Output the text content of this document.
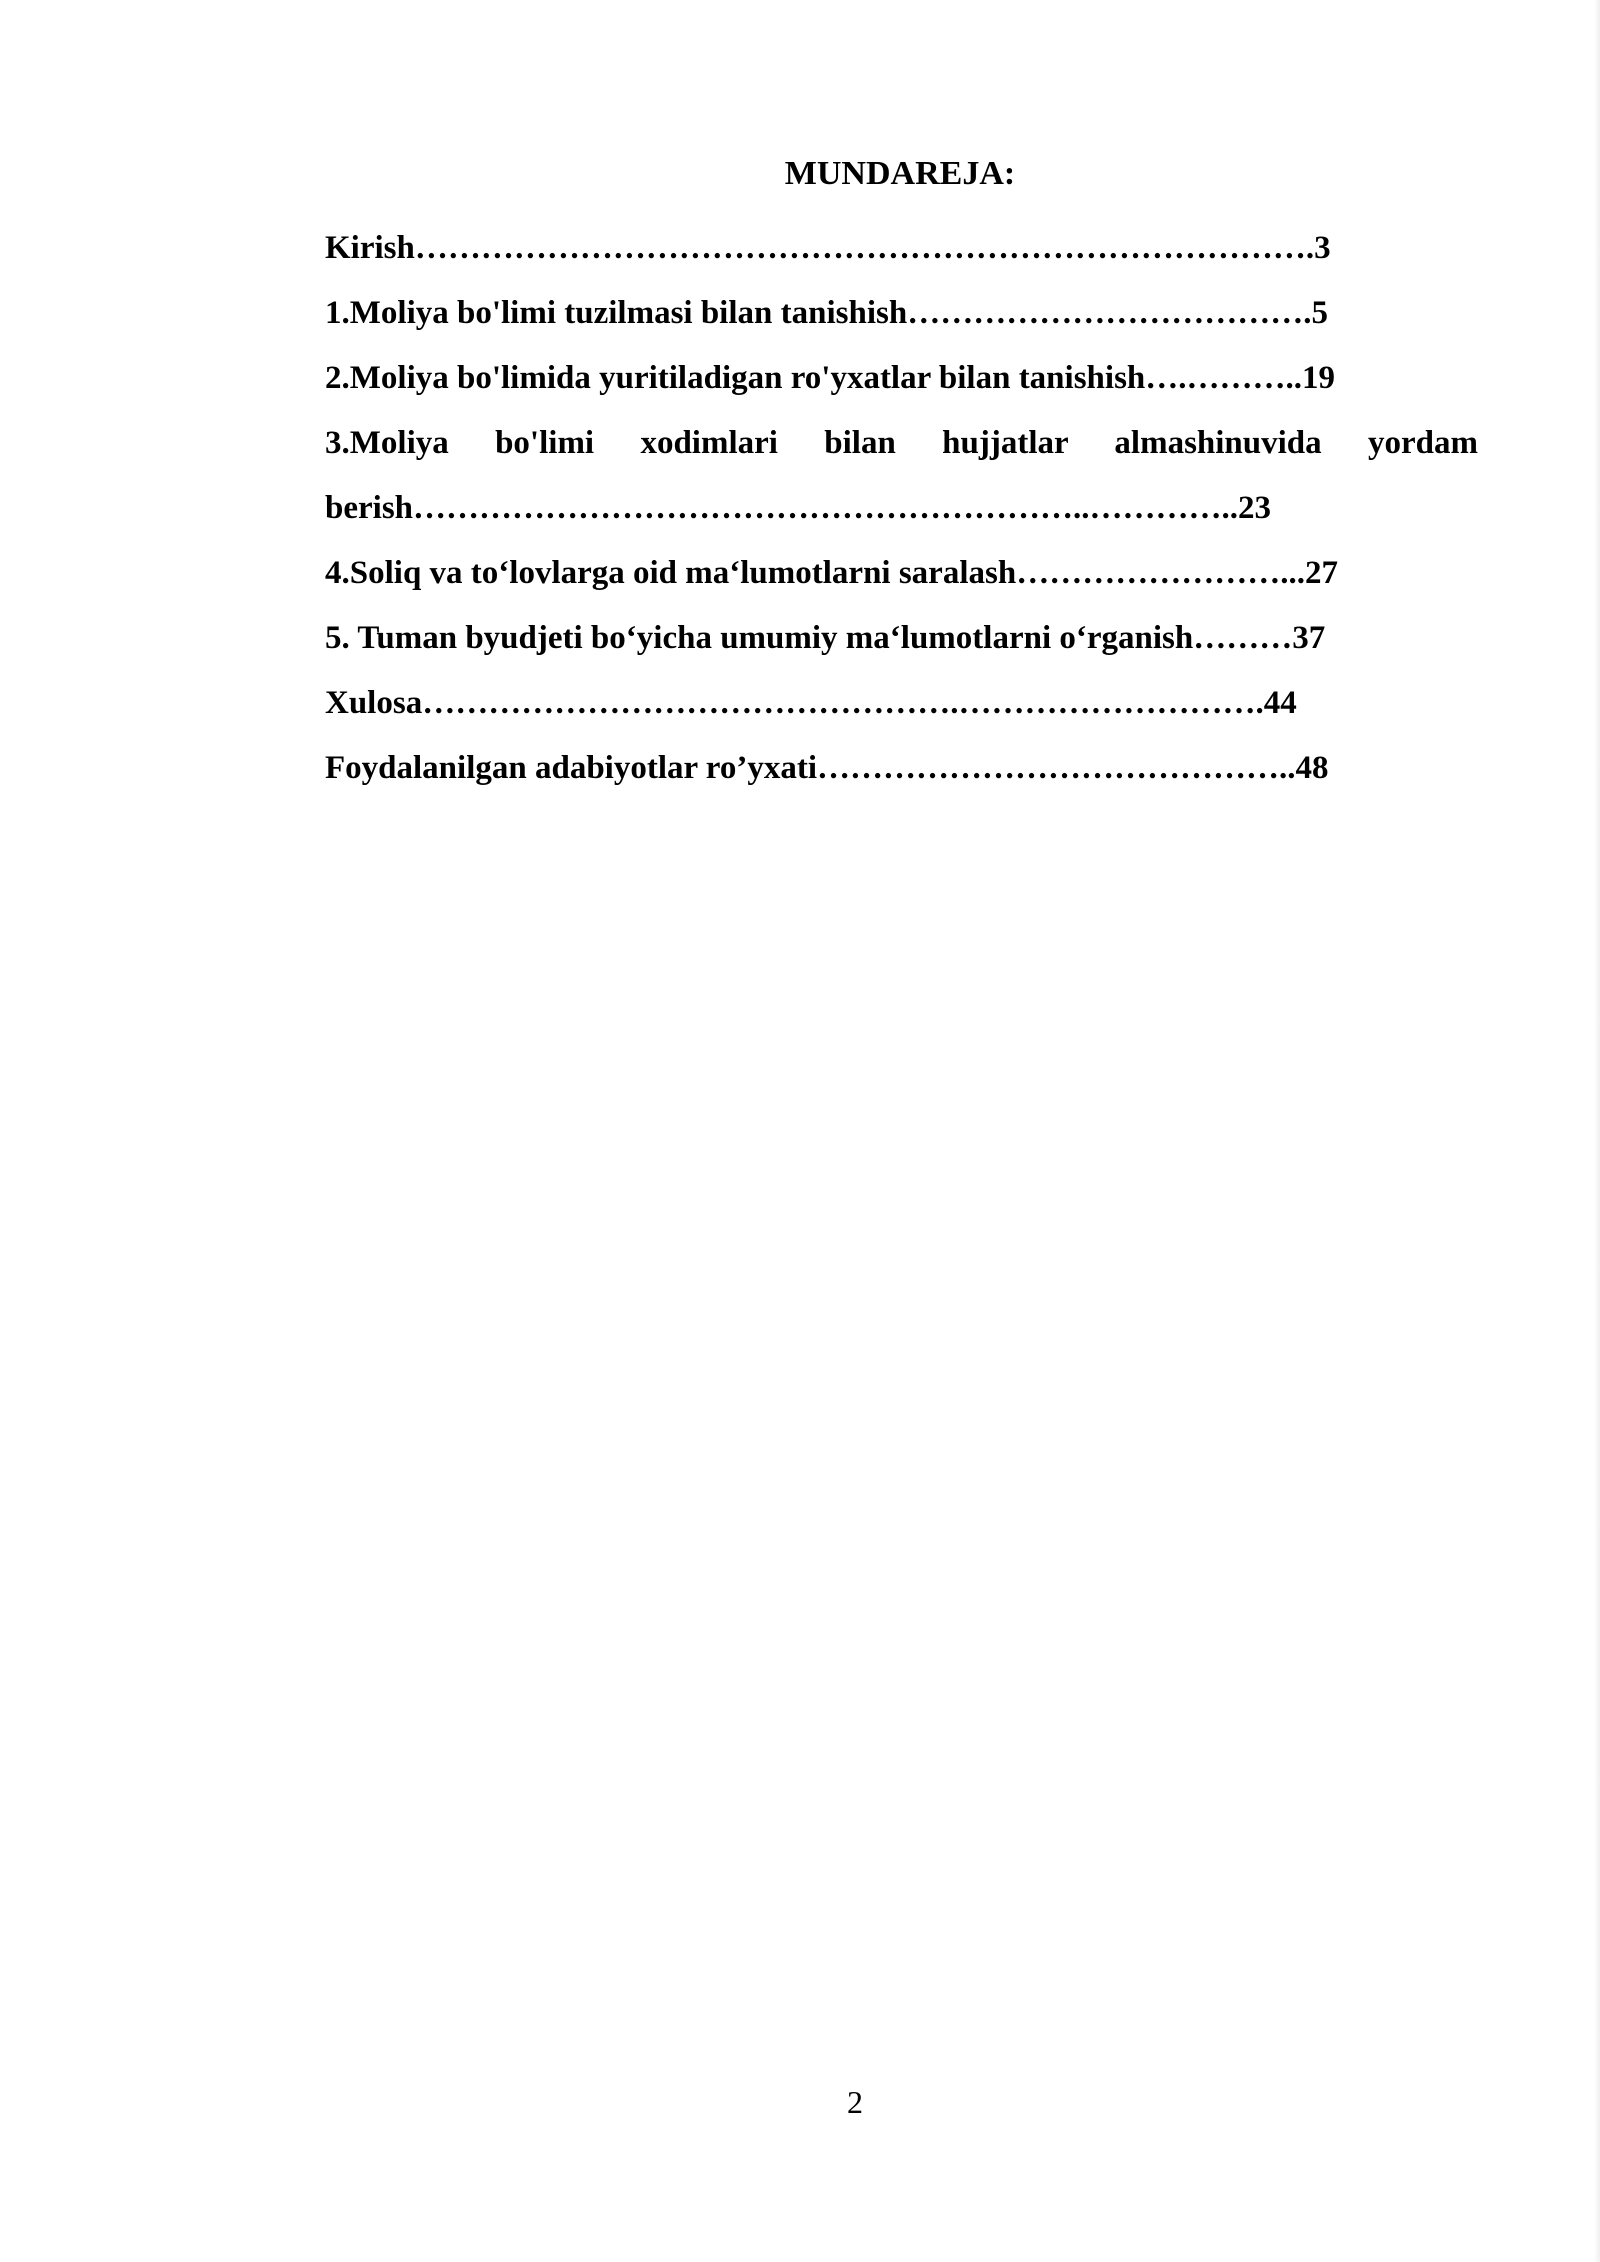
MUNDAREJA:
Kirish……………………………………………………………………….3
1.Moliya bo'limi tuzilmasi bilan tanishish……………………………….5
2.Moliya bo'limida yuritiladigan ro'yxatlar bilan tanishish….………..19
3.Moliya bo'limi xodimlari bilan hujjatlar almashinuvida yordam
berish……………………………………………………..…………..23
4.Soliq va to‘lovlarga oid ma‘lumotlarni saralash……………………...27
5. Tuman byudjeti bo‘yicha umumiy ma‘lumotlarni o‘rganish………37
Xulosa………………………………………….……………………….44
Foydalanilgan adabiyotlar ro’yxati……………………………………..48
2
